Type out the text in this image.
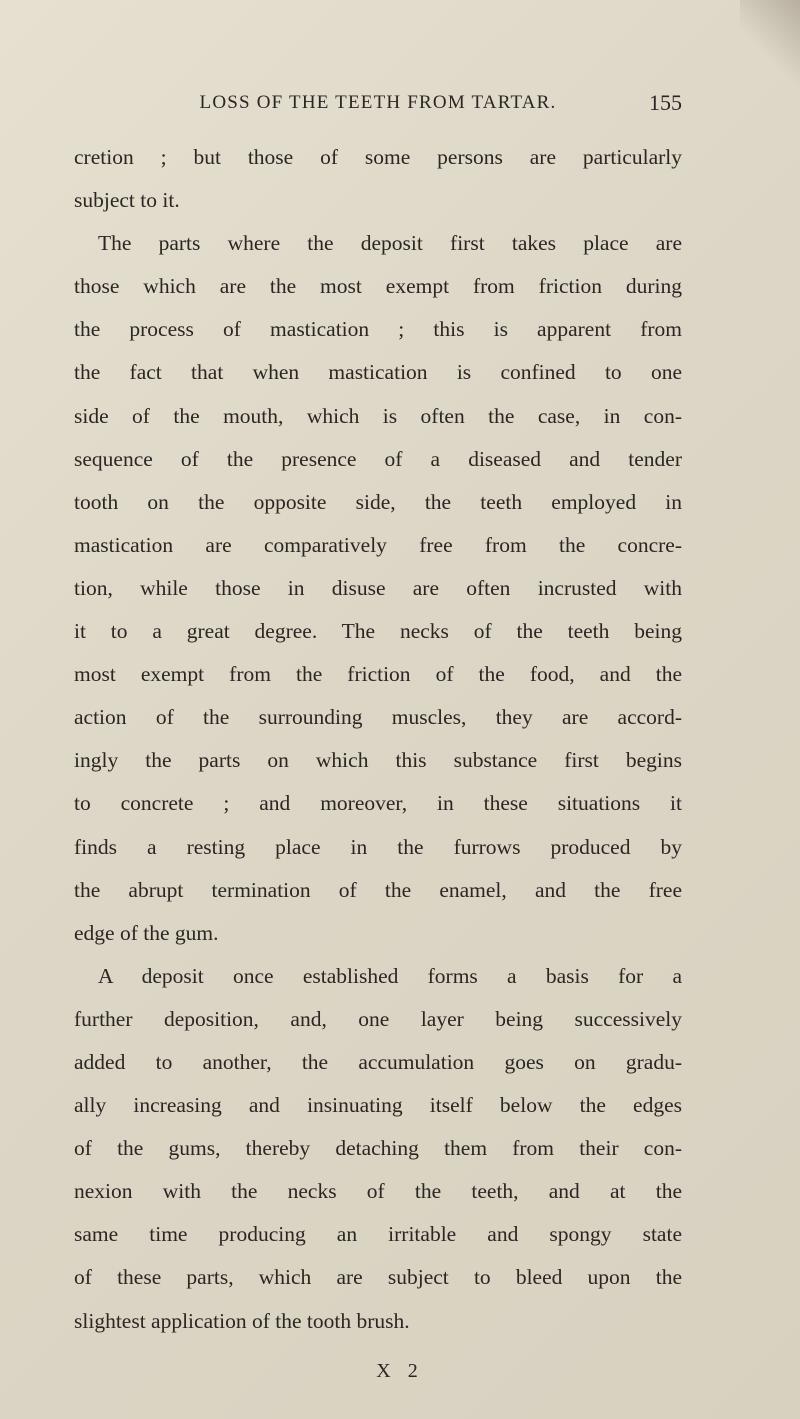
LOSS OF THE TEETH FROM TARTAR.	155
cretion ; but those of some persons are particularly
subject to it.
The parts where the deposit first takes place are
those which are the most exempt from friction during
the process of mastication ; this is apparent from
the fact that when mastication is confined to one
side of the mouth, which is often the case, in con-
sequence of the presence of a diseased and tender
tooth on the opposite side, the teeth employed in
mastication are comparatively free from the concre-
tion, while those in disuse are often incrusted with
it to a great degree. The necks of the teeth being
most exempt from the friction of the food, and the
action of the surrounding muscles, they are accord-
ingly the parts on which this substance first begins
to concrete ; and moreover, in these situations it
finds a resting place in the furrows produced by
the abrupt termination of the enamel, and the free
edge of the gum.
A deposit once established forms a basis for a
further deposition, and, one layer being successively
added to another, the accumulation goes on gradu-
ally increasing and insinuating itself below the edges
of the gums, thereby detaching them from their con-
nexion with the necks of the teeth, and at the
same time producing an irritable and spongy state
of these parts, which are subject to bleed upon the
slightest application of the tooth brush.
X 2
